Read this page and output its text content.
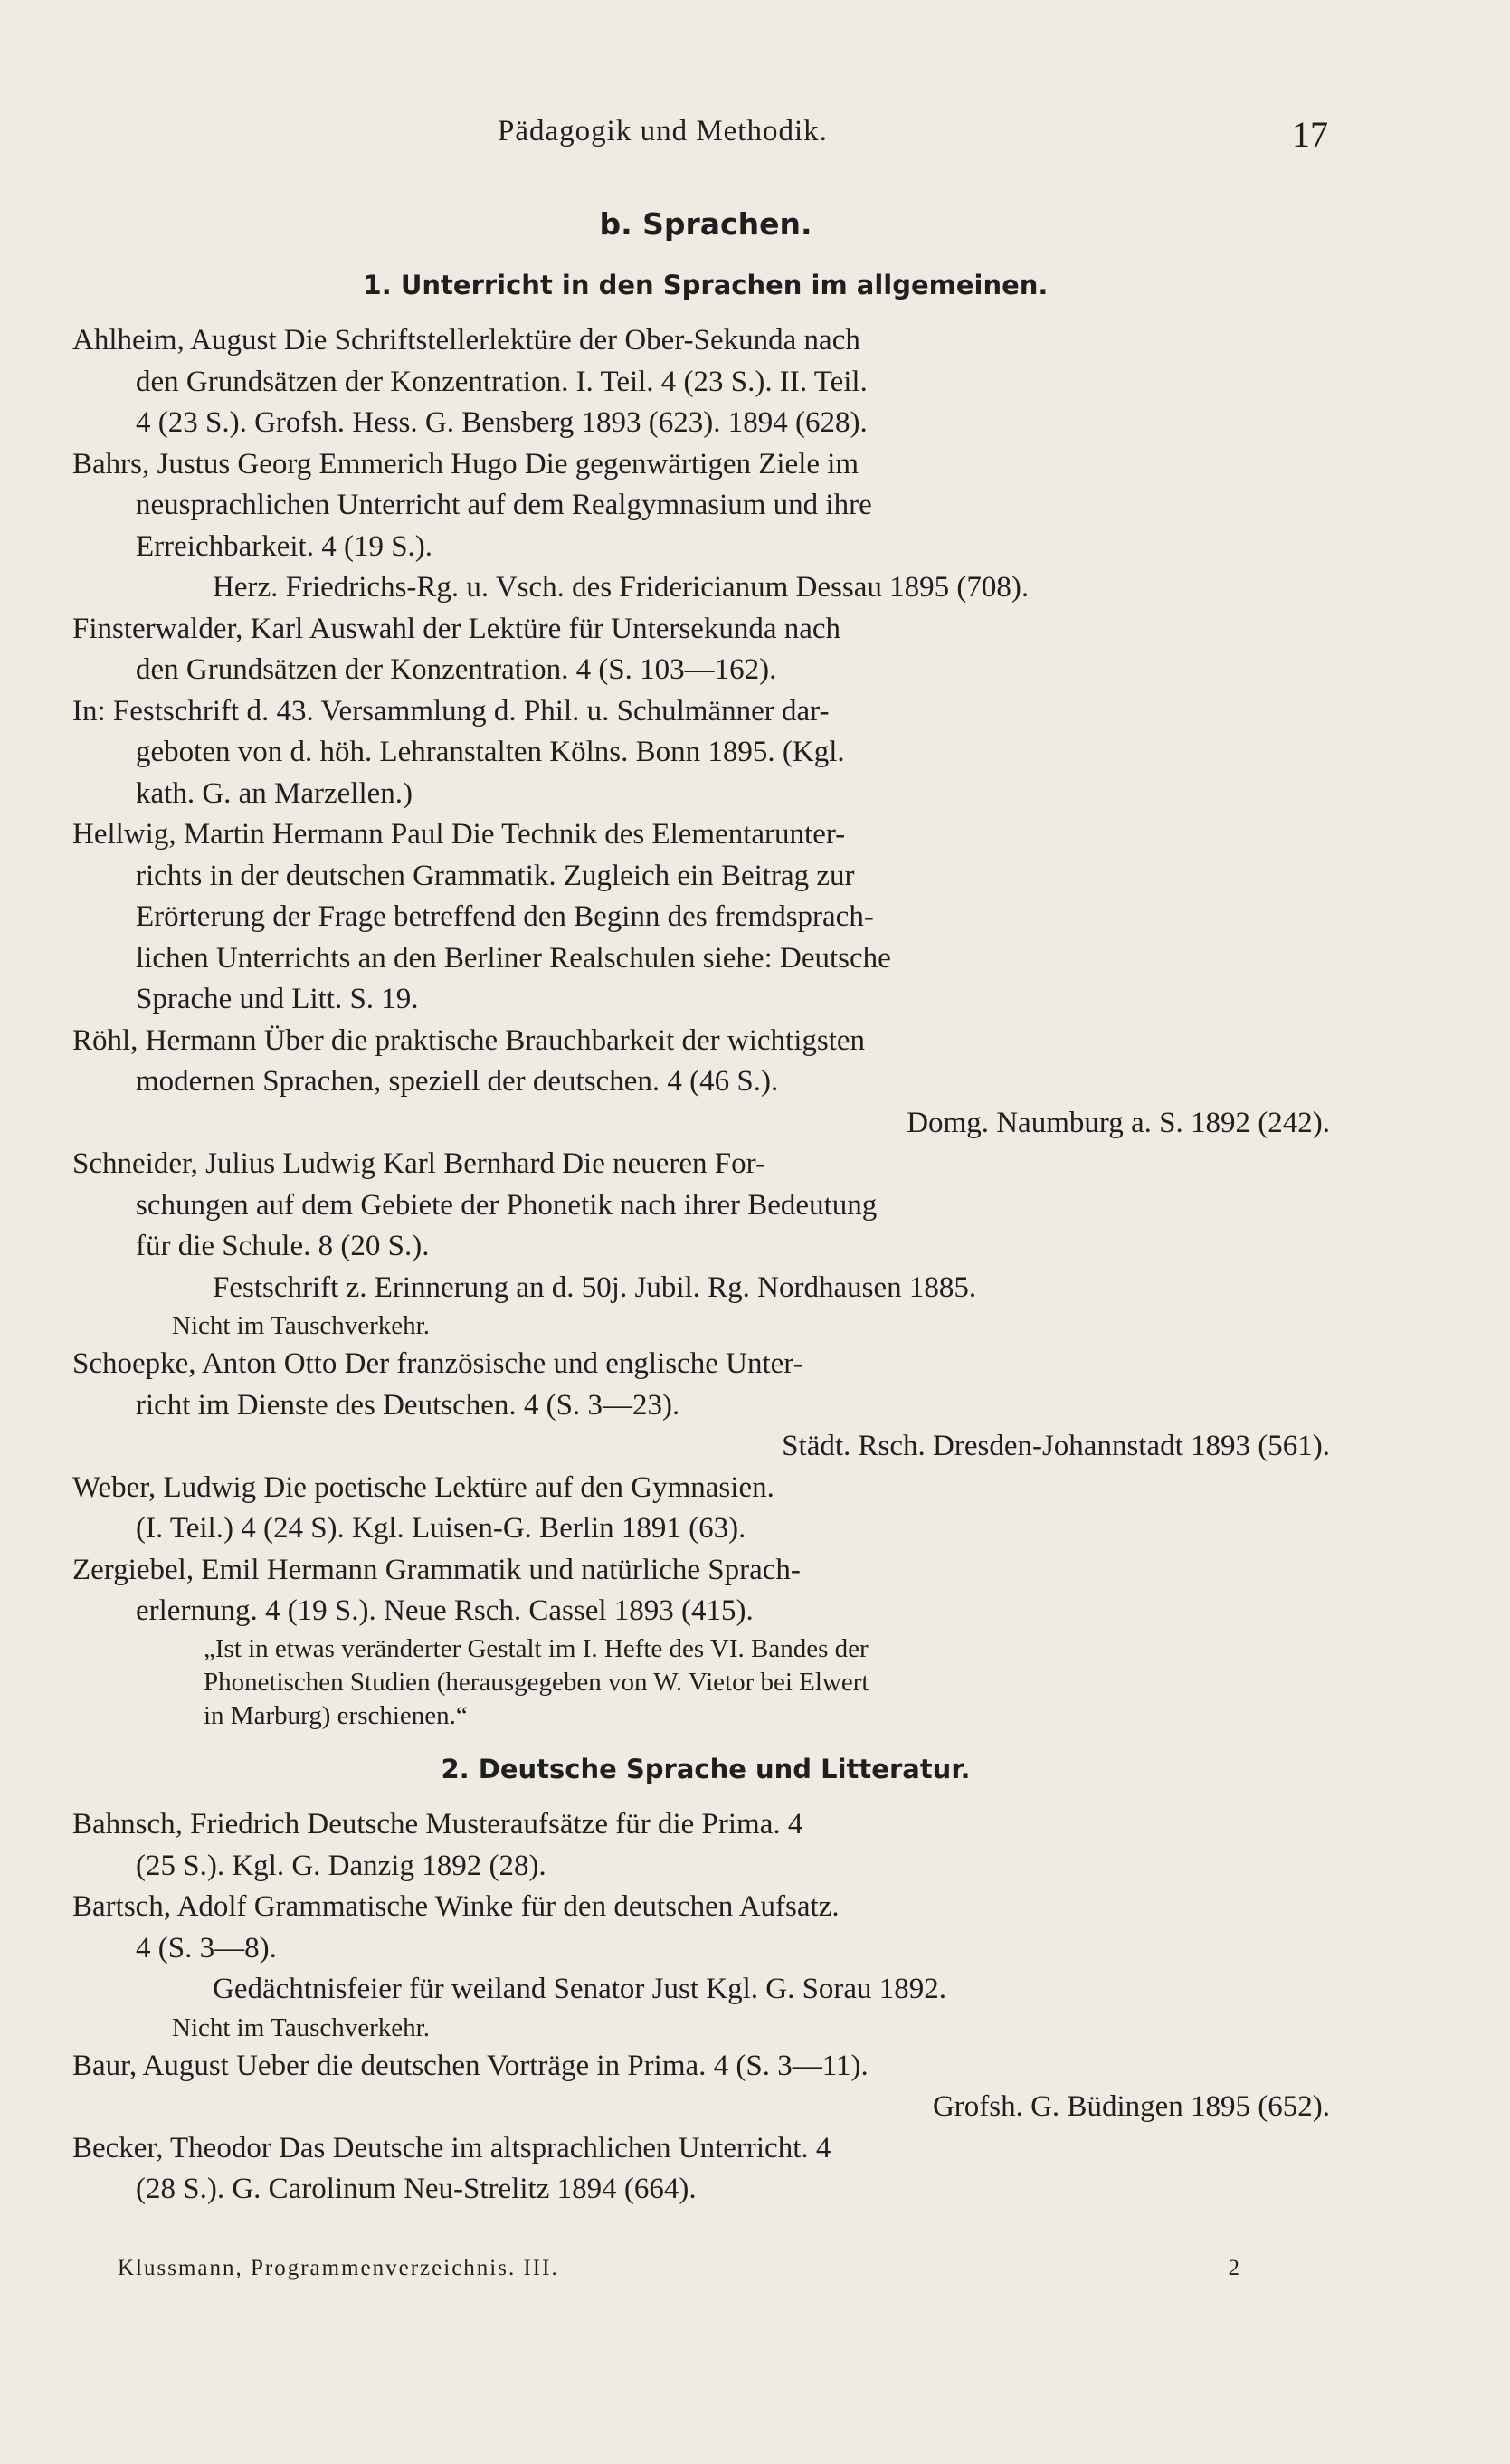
Pädagogik und Methodik.	17
b. Sprachen.
1. Unterricht in den Sprachen im allgemeinen.
Ahlheim, August Die Schriftstellerlektüre der Ober-Sekunda nach
den Grundsätzen der Konzentration. I. Teil. 4 (23 S.). II. Teil.
4 (23 S.). Grofsh. Hess. G. Bensberg 1893 (623). 1894 (628).
Bahrs, Justus Georg Emmerich Hugo Die gegenwärtigen Ziele im
neusprachlichen Unterricht auf dem Realgymnasium und ihre
Erreichbarkeit. 4 (19 S.).
Herz. Friedrichs-Rg. u. Vsch. des Fridericianum Dessau 1895 (708).
Finsterwalder, Karl Auswahl der Lektüre für Untersekunda nach
den Grundsätzen der Konzentration. 4 (S. 103—162).
In: Festschrift d. 43. Versammlung d. Phil. u. Schulmänner dar-
geboten von d. höh. Lehranstalten Kölns. Bonn 1895. (Kgl.
kath. G. an Marzellen.)
Hellwig, Martin Hermann Paul Die Technik des Elementarunter-
richts in der deutschen Grammatik. Zugleich ein Beitrag zur
Erörterung der Frage betreffend den Beginn des fremdsprach-
lichen Unterrichts an den Berliner Realschulen siehe: Deutsche
Sprache und Litt. S. 19.
Röhl, Hermann Über die praktische Brauchbarkeit der wichtigsten
modernen Sprachen, speziell der deutschen. 4 (46 S.).
Domg. Naumburg a. S. 1892 (242).
Schneider, Julius Ludwig Karl Bernhard Die neueren For-
schungen auf dem Gebiete der Phonetik nach ihrer Bedeutung
für die Schule. 8 (20 S.).
Festschrift z. Erinnerung an d. 50j. Jubil. Rg. Nordhausen 1885.
Nicht im Tauschverkehr.
Schoepke, Anton Otto Der französische und englische Unter-
richt im Dienste des Deutschen. 4 (S. 3—23).
Städt. Rsch. Dresden-Johannstadt 1893 (561).
Weber, Ludwig Die poetische Lektüre auf den Gymnasien.
(I. Teil.) 4 (24 S). Kgl. Luisen-G. Berlin 1891 (63).
Zergiebel, Emil Hermann Grammatik und natürliche Sprach-
erlernung. 4 (19 S.). Neue Rsch. Cassel 1893 (415).
„Ist in etwas veränderter Gestalt im I. Hefte des VI. Bandes der
Phonetischen Studien (herausgegeben von W. Vietor bei Elwert
in Marburg) erschienen.“
2. Deutsche Sprache und Litteratur.
Bahnsch, Friedrich Deutsche Musteraufsätze für die Prima. 4
(25 S.). Kgl. G. Danzig 1892 (28).
Bartsch, Adolf Grammatische Winke für den deutschen Aufsatz.
4 (S. 3—8).
Gedächtnisfeier für weiland Senator Just Kgl. G. Sorau 1892.
Nicht im Tauschverkehr.
Baur, August Ueber die deutschen Vorträge in Prima. 4 (S. 3—11).
Grofsh. G. Büdingen 1895 (652).
Becker, Theodor Das Deutsche im altsprachlichen Unterricht. 4
(28 S.). G. Carolinum Neu-Strelitz 1894 (664).
Klussmann, Programmenverzeichnis. III.	2
